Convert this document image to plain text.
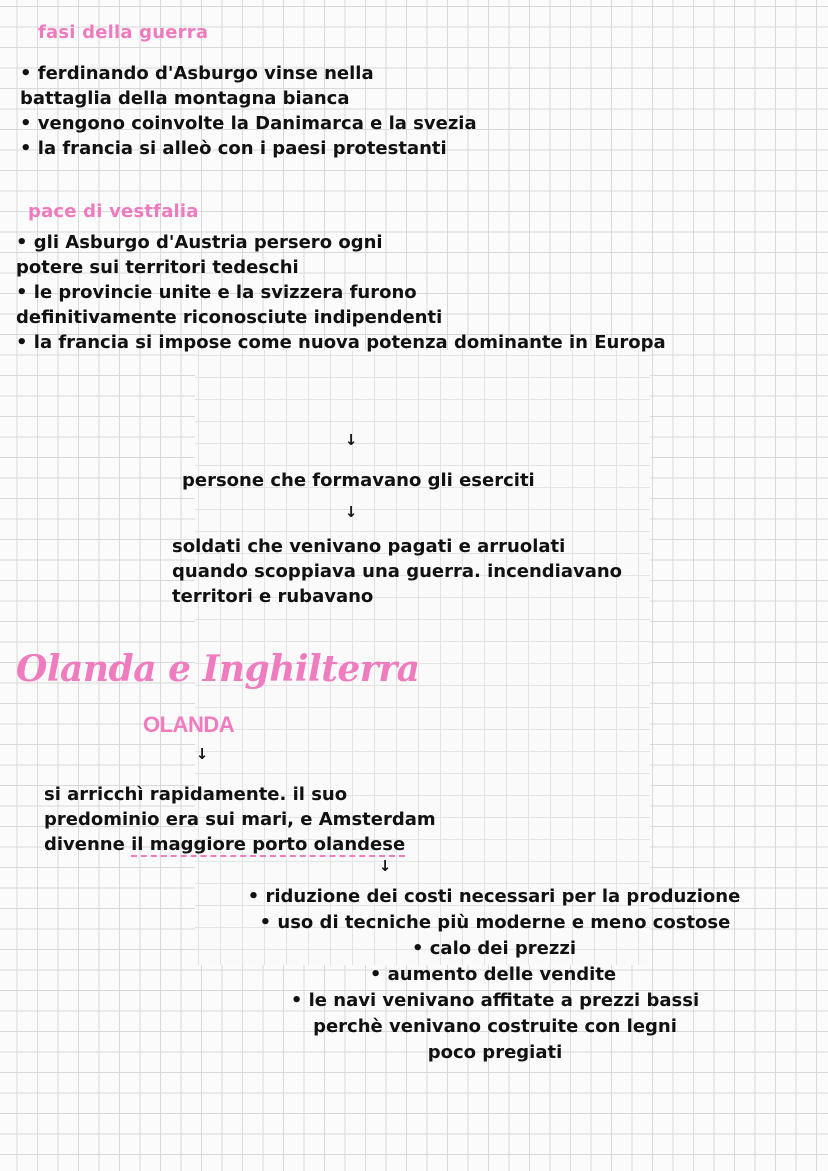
fasi della guerra
• ferdinando d'Asburgo vinse nella
battaglia della montagna bianca
• vengono coinvolte la Danimarca e la svezia
• la francia si alleò con i paesi protestanti
pace di vestfalia
• gli Asburgo d'Austria persero ogni
potere sui territori tedeschi
• le provincie unite e la svizzera furono
definitivamente riconosciute indipendenti
• la francia si impose come nuova potenza dominante in Europa
↓
persone che formavano gli eserciti
↓
soldati che venivano pagati e arruolati
quando scoppiava una guerra. incendiavano
territori e rubavano
Olanda e Inghilterra
OLANDA
↓
si arricchì rapidamente. il suo
predominio era sui mari, e Amsterdam
divenne il maggiore porto olandese
↓
• riduzione dei costi necessari per la produzione
• uso di tecniche più moderne e meno costose
• calo dei prezzi
• aumento delle vendite
• le navi venivano affitate a prezzi bassi
perchè venivano costruite con legni
poco pregiati
